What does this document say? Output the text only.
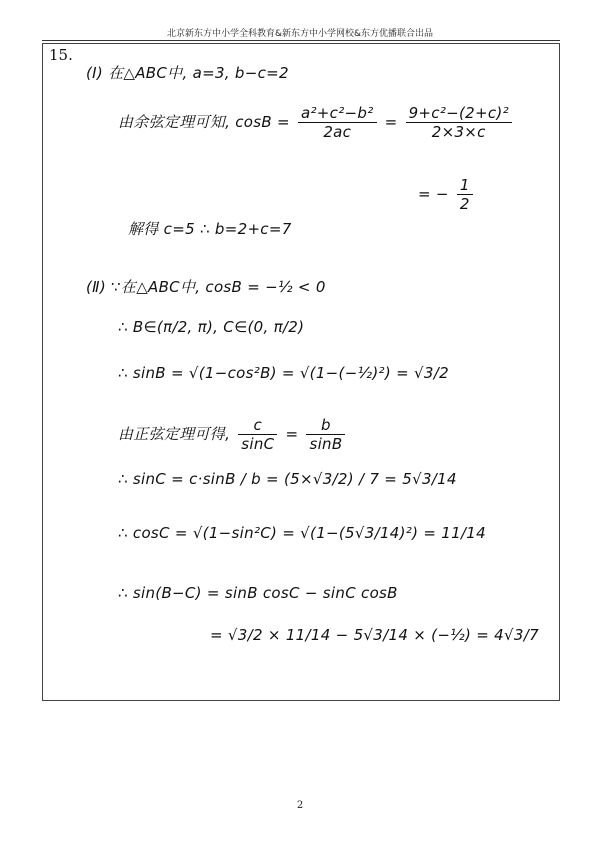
北京新东方中小学全科教育&新东方中小学网校&东方优播联合出品
15.
(Ⅰ) 在△ABC中, a=3, b−c=2
由余弦定理可知, $\cos B = \frac{\text{a²+c²−b²}}{2ac} = \frac{\text{9+c²−(2+c)²}}{2\times 3\times c}$
= − $\frac{1}{2}$
解得 c=5 ∴ b=2+c=7
(Ⅱ) ∵在△ABC中, cosB = −½ < 0
∴ B∈(π/2, π), C∈(0, π/2)
∴ sinB = √(1−cos²B) = √(1−(−½)²) = √3/2
由正弦定理可得, $\frac{c}{\sin C} = \frac{b}{\sin B}$
∴ sinC = c·sinB / b = (5×√3/2) / 7 = 5√3/14
∴ cosC = √(1−sin²C) = √(1−(5√3/14)²) = 11/14
∴ sin(B−C) = sinB cosC − sinC cosB
= √3/2 × 11/14 − 5√3/14 × (−½) = 4√3/7
2
